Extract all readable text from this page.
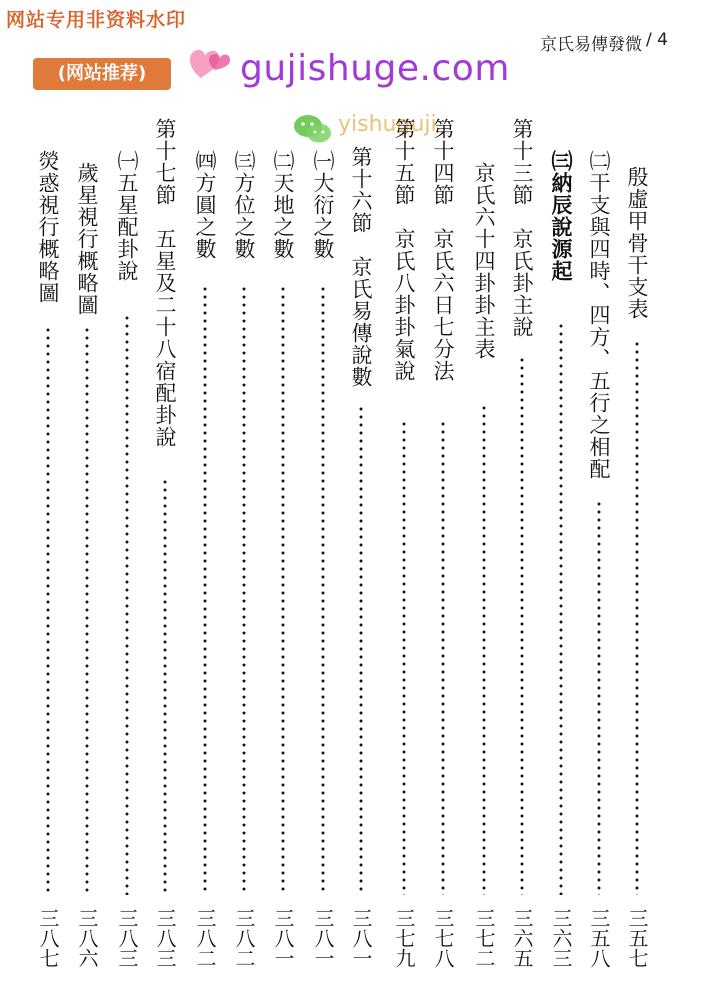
网站专用非资料水印
京氏易傳發微 / 4
(网站推荐)	gujishuge.com
yishuguji
殷虛甲骨干支表
三五七
㈡干支與四時、四方、五行之相配
三五八
㈢納辰說源起
三六三
第十三節　京氏卦主說
三六五
京氏六十四卦卦主表
三七二
第十四節　京氏六日七分法
三七八
第十五節　京氏八卦卦氣說
三七九
第十六節　京氏易傳說數
三八一
㈠大衍之數
三八一
㈡天地之數
三八一
㈢方位之數
三八二
㈣方圓之數
三八二
第十七節　五星及二十八宿配卦說
三八三
㈠五星配卦說
三八三
歲星視行概略圖
三八六
熒惑視行概略圖
三八七
